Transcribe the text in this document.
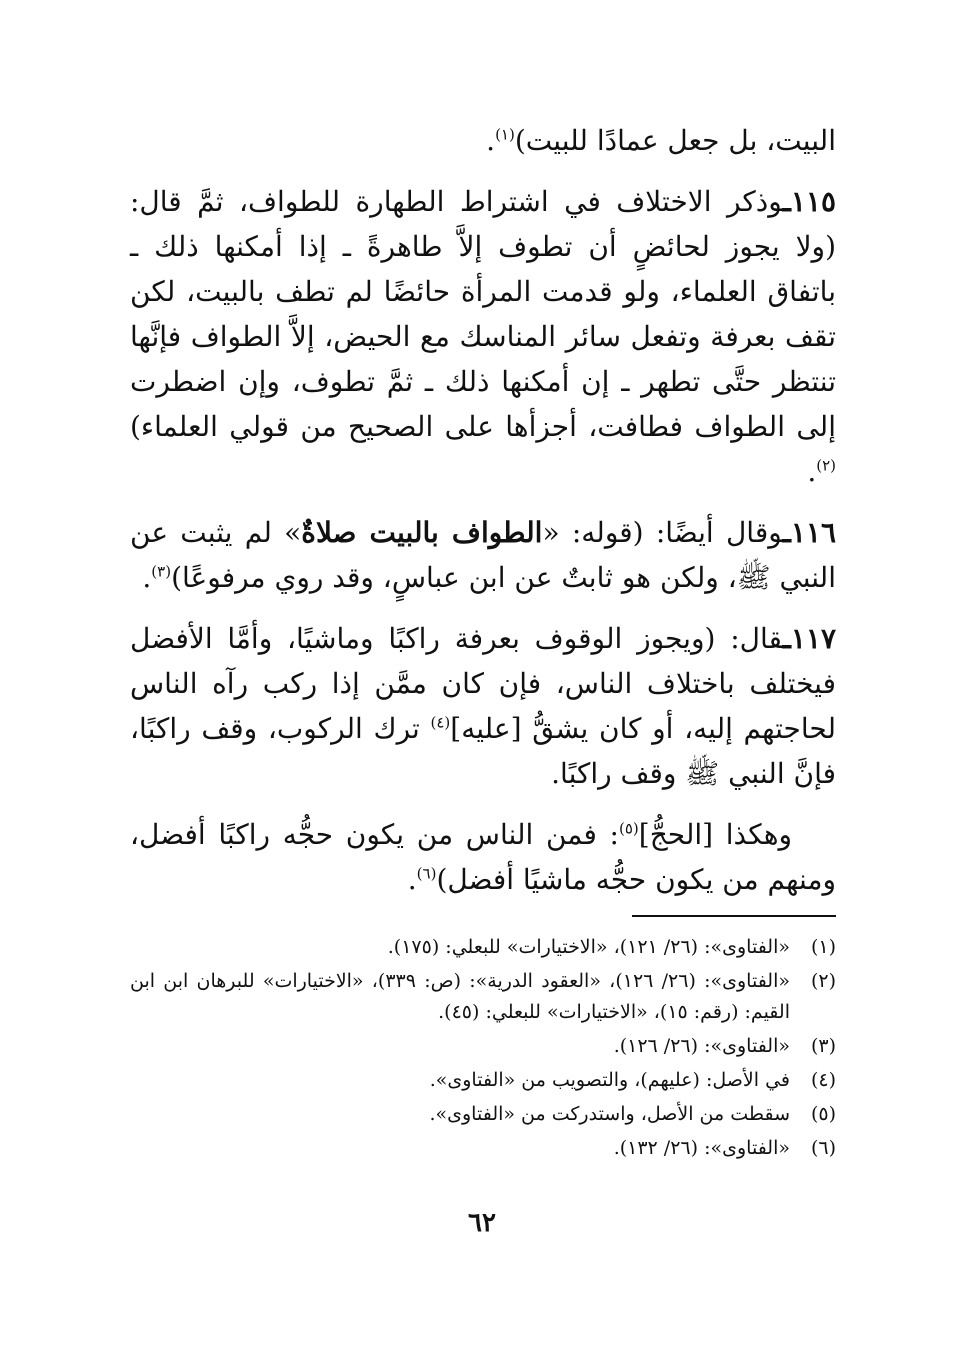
البيت، بل جعل عمادًا للبيت)$^{(١)}$.

١١٥ـوذكر الاختلاف في اشتراط الطهارة للطواف، ثمَّ قال: (ولا يجوز لحائضٍ أن تطوف إلاَّ طاهرةً ـ إذا أمكنها ذلك ـ باتفاق العلماء، ولو قدمت المرأة حائضًا لم تطف بالبيت، لكن تقف بعرفة وتفعل سائر المناسك مع الحيض، إلاَّ الطواف فإنَّها تنتظر حتَّى تطهر ـ إن أمكنها ذلك ـ ثمَّ تطوف، وإن اضطرت إلى الطواف فطافت، أجزأها على الصحيح من قولي العلماء)$^{(٢)}$.

١١٦ـوقال أيضًا: (قوله: «الطواف بالبيت صلاةٌ» لم يثبت عن النبي ﷺ، ولكن هو ثابتٌ عن ابن عباسٍ، وقد روي مرفوعًا)$^{(٣)}$.

١١٧ـقال: (ويجوز الوقوف بعرفة راكبًا وماشيًا، وأمَّا الأفضل فيختلف باختلاف الناس، فإن كان ممَّن إذا ركب رآه الناس لحاجتهم إليه، أو كان يشقُّ [عليه]$^{(٤)}$ ترك الركوب، وقف راكبًا، فإنَّ النبي ﷺ وقف راكبًا.

وهكذا [الحجُّ]$^{(٥)}$: فمن الناس من يكون حجُّه راكبًا أفضل، ومنهم من يكون حجُّه ماشيًا أفضل)$^{(٦)}$.

(١)
«الفتاوى»: (٢٦/ ١٢١)، «الاختيارات» للبعلي: (١٧٥).
(٢)
«الفتاوى»: (٢٦/ ١٢٦)، «العقود الدرية»: (ص: ٣٣٩)، «الاختيارات» للبرهان ابن ابن القيم: (رقم: ١٥)، «الاختيارات» للبعلي: (٤٥).
(٣)
«الفتاوى»: (٢٦/ ١٢٦).
(٤)
في الأصل: (عليهم)، والتصويب من «الفتاوى».
(٥)
سقطت من الأصل، واستدركت من «الفتاوى».
(٦)
«الفتاوى»: (٢٦/ ١٣٢).
٦٢
